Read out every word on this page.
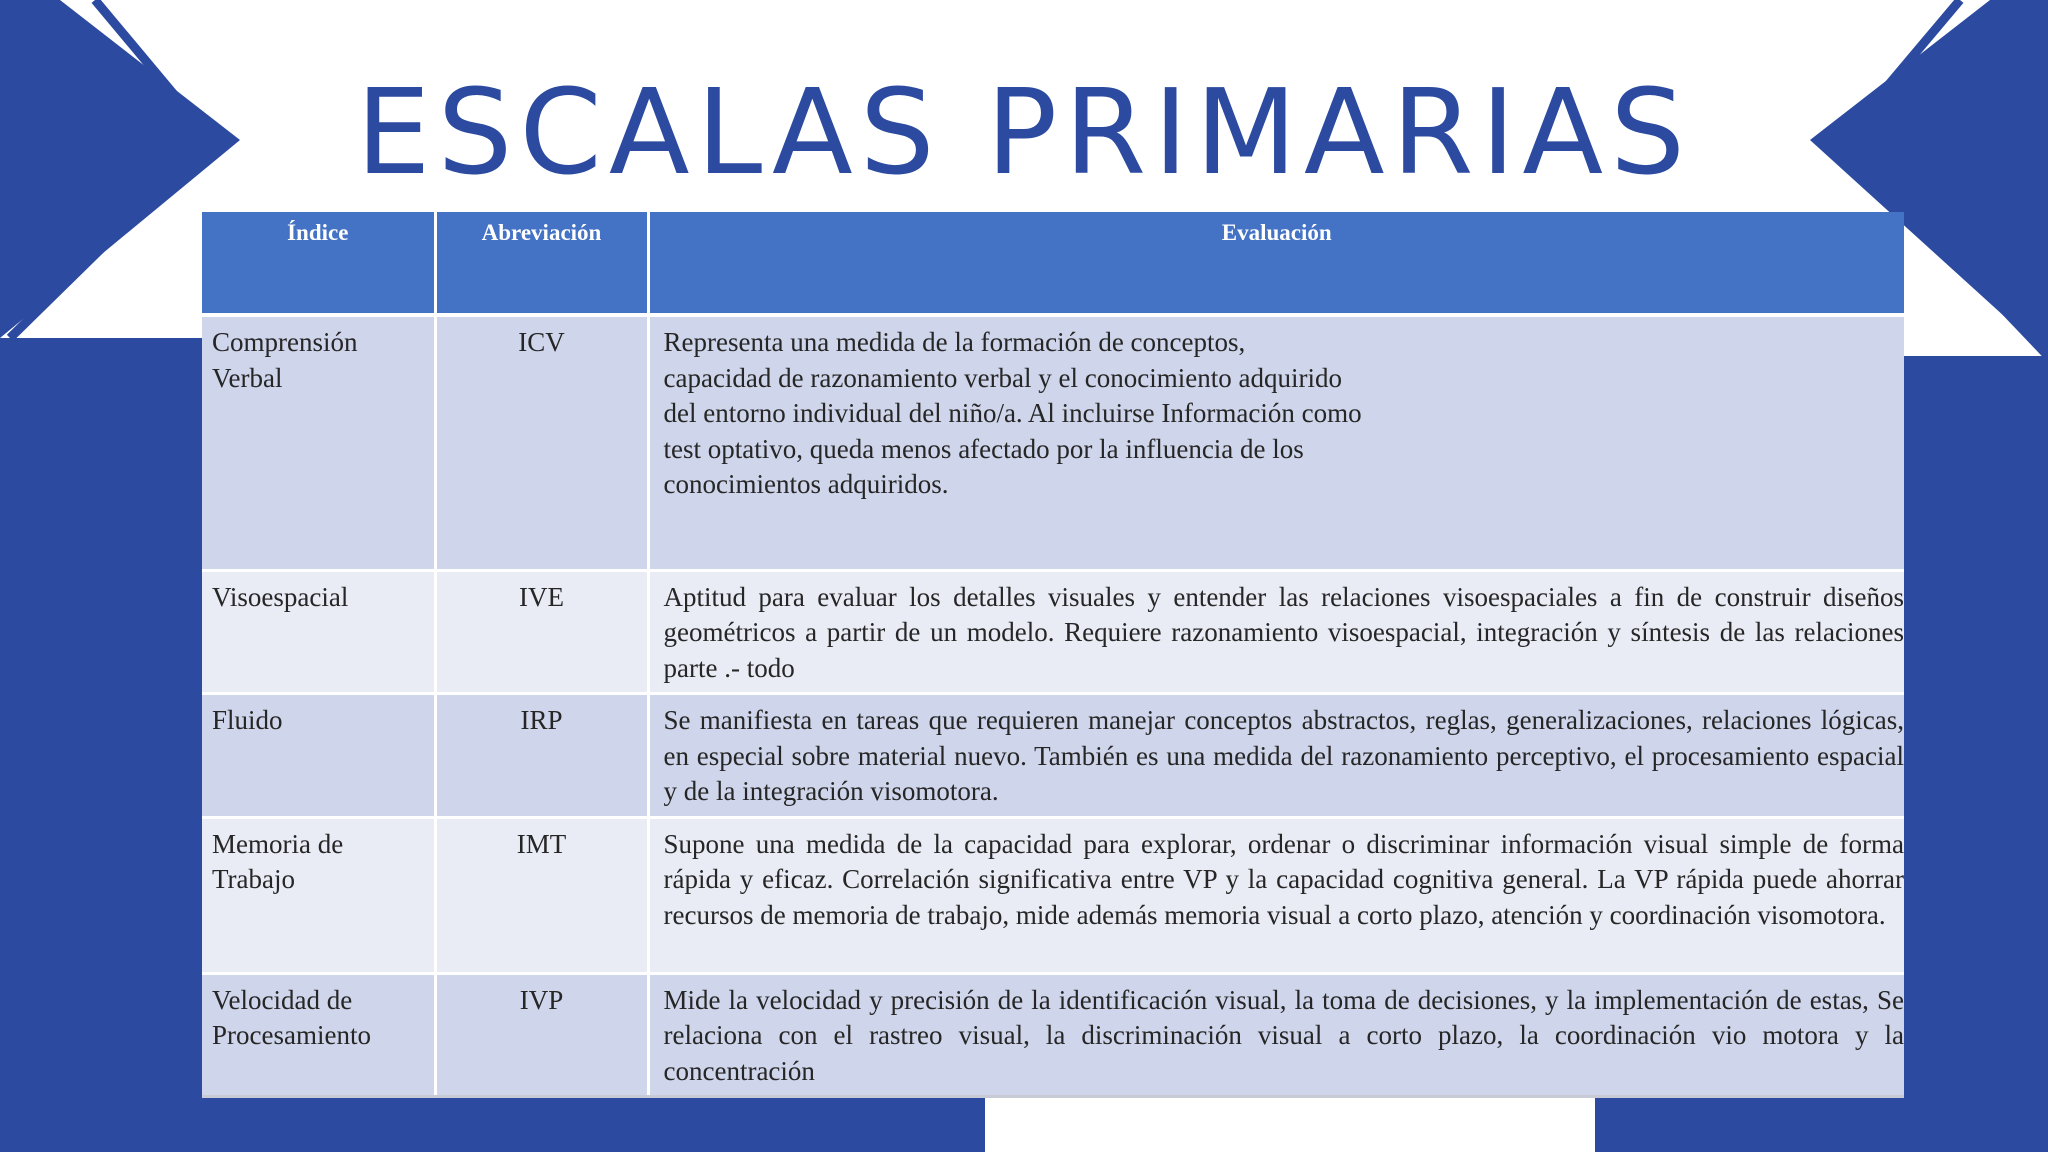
ESCALAS PRIMARIAS
Índice	Abreviación	Evaluación
Comprensión
Verbal	ICV	Representa una medida de la formación de conceptos,
capacidad de razonamiento verbal y el conocimiento adquirido
del entorno individual del niño/a. Al incluirse Información como
test optativo, queda menos afectado por la influencia de los
conocimientos adquiridos.
Visoespacial	IVE	Aptitud para evaluar los detalles visuales y entender las relaciones visoespaciales a fin de construir diseños geométricos a partir de un modelo. Requiere razonamiento visoespacial, integración y síntesis de las relaciones parte .- todo
Fluido	IRP	Se manifiesta en tareas que requieren manejar conceptos abstractos, reglas, generalizaciones, relaciones lógicas, en especial sobre material nuevo. También es una medida del razonamiento perceptivo, el procesamiento espacial y de la integración visomotora.
Memoria de
Trabajo	IMT	Supone una medida de la capacidad para explorar, ordenar o discriminar información visual simple de forma rápida y eficaz. Correlación significativa entre VP y la capacidad cognitiva general. La VP rápida puede ahorrar recursos de memoria de trabajo, mide además memoria visual a corto plazo, atención y coordinación visomotora.
Velocidad de
Procesamiento	IVP	Mide la velocidad y precisión de la identificación visual, la toma de decisiones, y la implementación de estas, Se relaciona con el rastreo visual, la discriminación visual a corto plazo, la coordinación vio motora y la concentración
